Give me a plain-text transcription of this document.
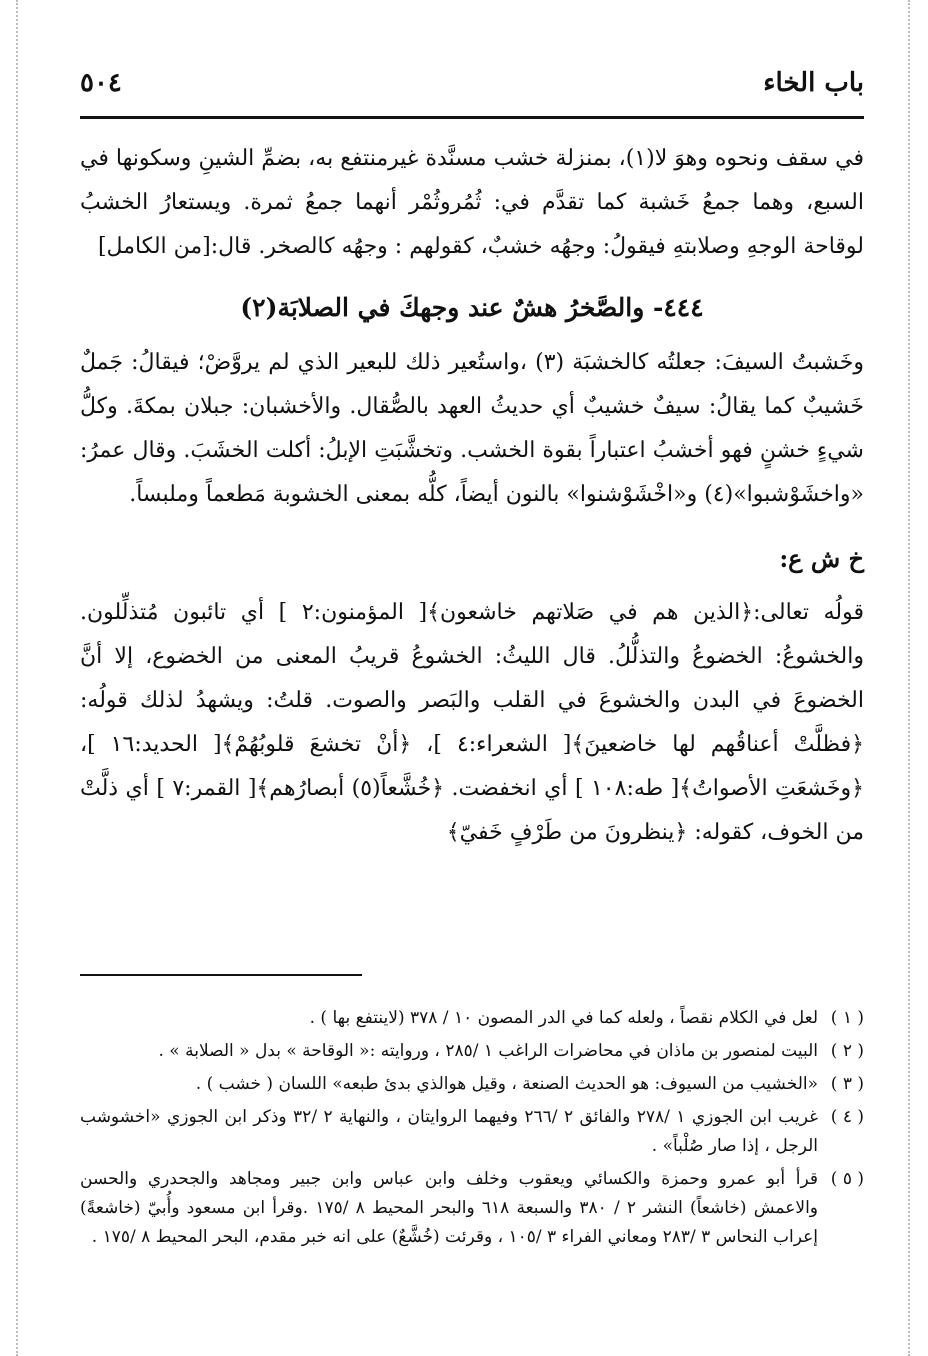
باب الخاء
٥٠٤

في سقف ونحوه وهوَ لا(١)، بمنزلة خشب مسنَّدة غيرمنتفع به، بضمِّ الشينِ وسكونها في السبع، وهما جمعُ خَشبة كما تقدَّم في: ثُمُروثُمْر أنهما جمعُ ثمرة. ويستعارُ الخشبُ لوقاحة الوجهِ وصلابتهِ فيقولُ: وجهُه خشبٌ، كقولهم : وجهُه كالصخر. قال:[من الكامل]

٤٤٤- والصَّخرُ هشٌ عند وجهكَ في الصلابَة(٢)

وخَشبتُ السيفَ: جعلتُه كالخشبَة (٣) ،واستُعير ذلك للبعير الذي لم يروَّضْ؛ فيقالُ: جَملٌ خَشيبٌ كما يقالُ: سيفٌ خشيبٌ أي حديثُ العهد بالصُّقال. والأخشبان: جبلان بمكةَ. وكلُّ شيءٍ خشنٍ فهو أخشبُ اعتباراً بقوة الخشب. وتخشَّبَتِ الإبلُ: أكلت الخشَبَ. وقال عمرُ: «واخشَوْشبوا»(٤) و«اخْشَوْشنوا» بالنون أيضاً، كلُّه بمعنى الخشوبة مَطعماً وملبساً.

خ ش ع:

قولُه تعالى:﴿الذين هم في صَلاتهم خاشعون﴾[ المؤمنون:٢ ] أي تائبون مُتذلِّلون. والخشوعُ: الخضوعُ والتذلُّلُ. قال الليثُ: الخشوعُ قريبُ المعنى من الخضوع، إلا أنَّ الخضوعَ في البدن والخشوعَ في القلب والبَصر والصوت. قلتُ: ويشهدُ لذلك قولُه: ﴿فظلَّتْ أعناقُهم لها خاضعينَ﴾[ الشعراء:٤ ]، ﴿أنْ تخشعَ قلوبُهُمْ﴾[ الحديد:١٦ ]، ﴿وخَشعَتِ الأصواتُ﴾[ طه:١٠٨ ] أي انخفضت. ﴿خُشَّعاً(٥) أبصارُهم﴾[ القمر:٧ ] أي ذلَّتْ من الخوف، كقوله: ﴿ينظرونَ من طَرْفٍ خَفيّ﴾

( ١ )
لعل في الكلام نقصاً ، ولعله كما في الدر المصون ١٠ / ٣٧٨ (لاينتفع بها ) .
( ٢ )
البيت لمنصور بن ماذان في محاضرات الراغب ١ /٢٨٥ ، وروايته :« الوقاحة » بدل « الصلابة » .
( ٣ )
«الخشيب من السيوف: هو الحديث الصنعة ، وقيل هوالذي بدئ طبعه» اللسان ( خشب ) .
( ٤ )
غريب ابن الجوزي ١ /٢٧٨ والفائق ٢ /٢٦٦ وفيهما الروايتان ، والنهاية ٢ /٣٢ وذكر ابن الجوزي «اخشوشب الرجل ، إذا صار صُلْباً» .
( ٥ )
قرأ أبو عمرو وحمزة والكسائي ويعقوب وخلف وابن عباس وابن جبير ومجاهد والجحدري والحسن والاعمش (خاشعاً) النشر ٢ / ٣٨٠ والسبعة ٦١٨ والبحر المحيط ٨ /١٧٥ .وقرأ ابن مسعود وأُبيّ (خاشعةً) إعراب النحاس ٣ /٢٨٣ ومعاني الفراء ٣ /١٠٥ ، وقرئت (خُشَّعٌ) على انه خبر مقدم، البحر المحيط ٨ /١٧٥ .
